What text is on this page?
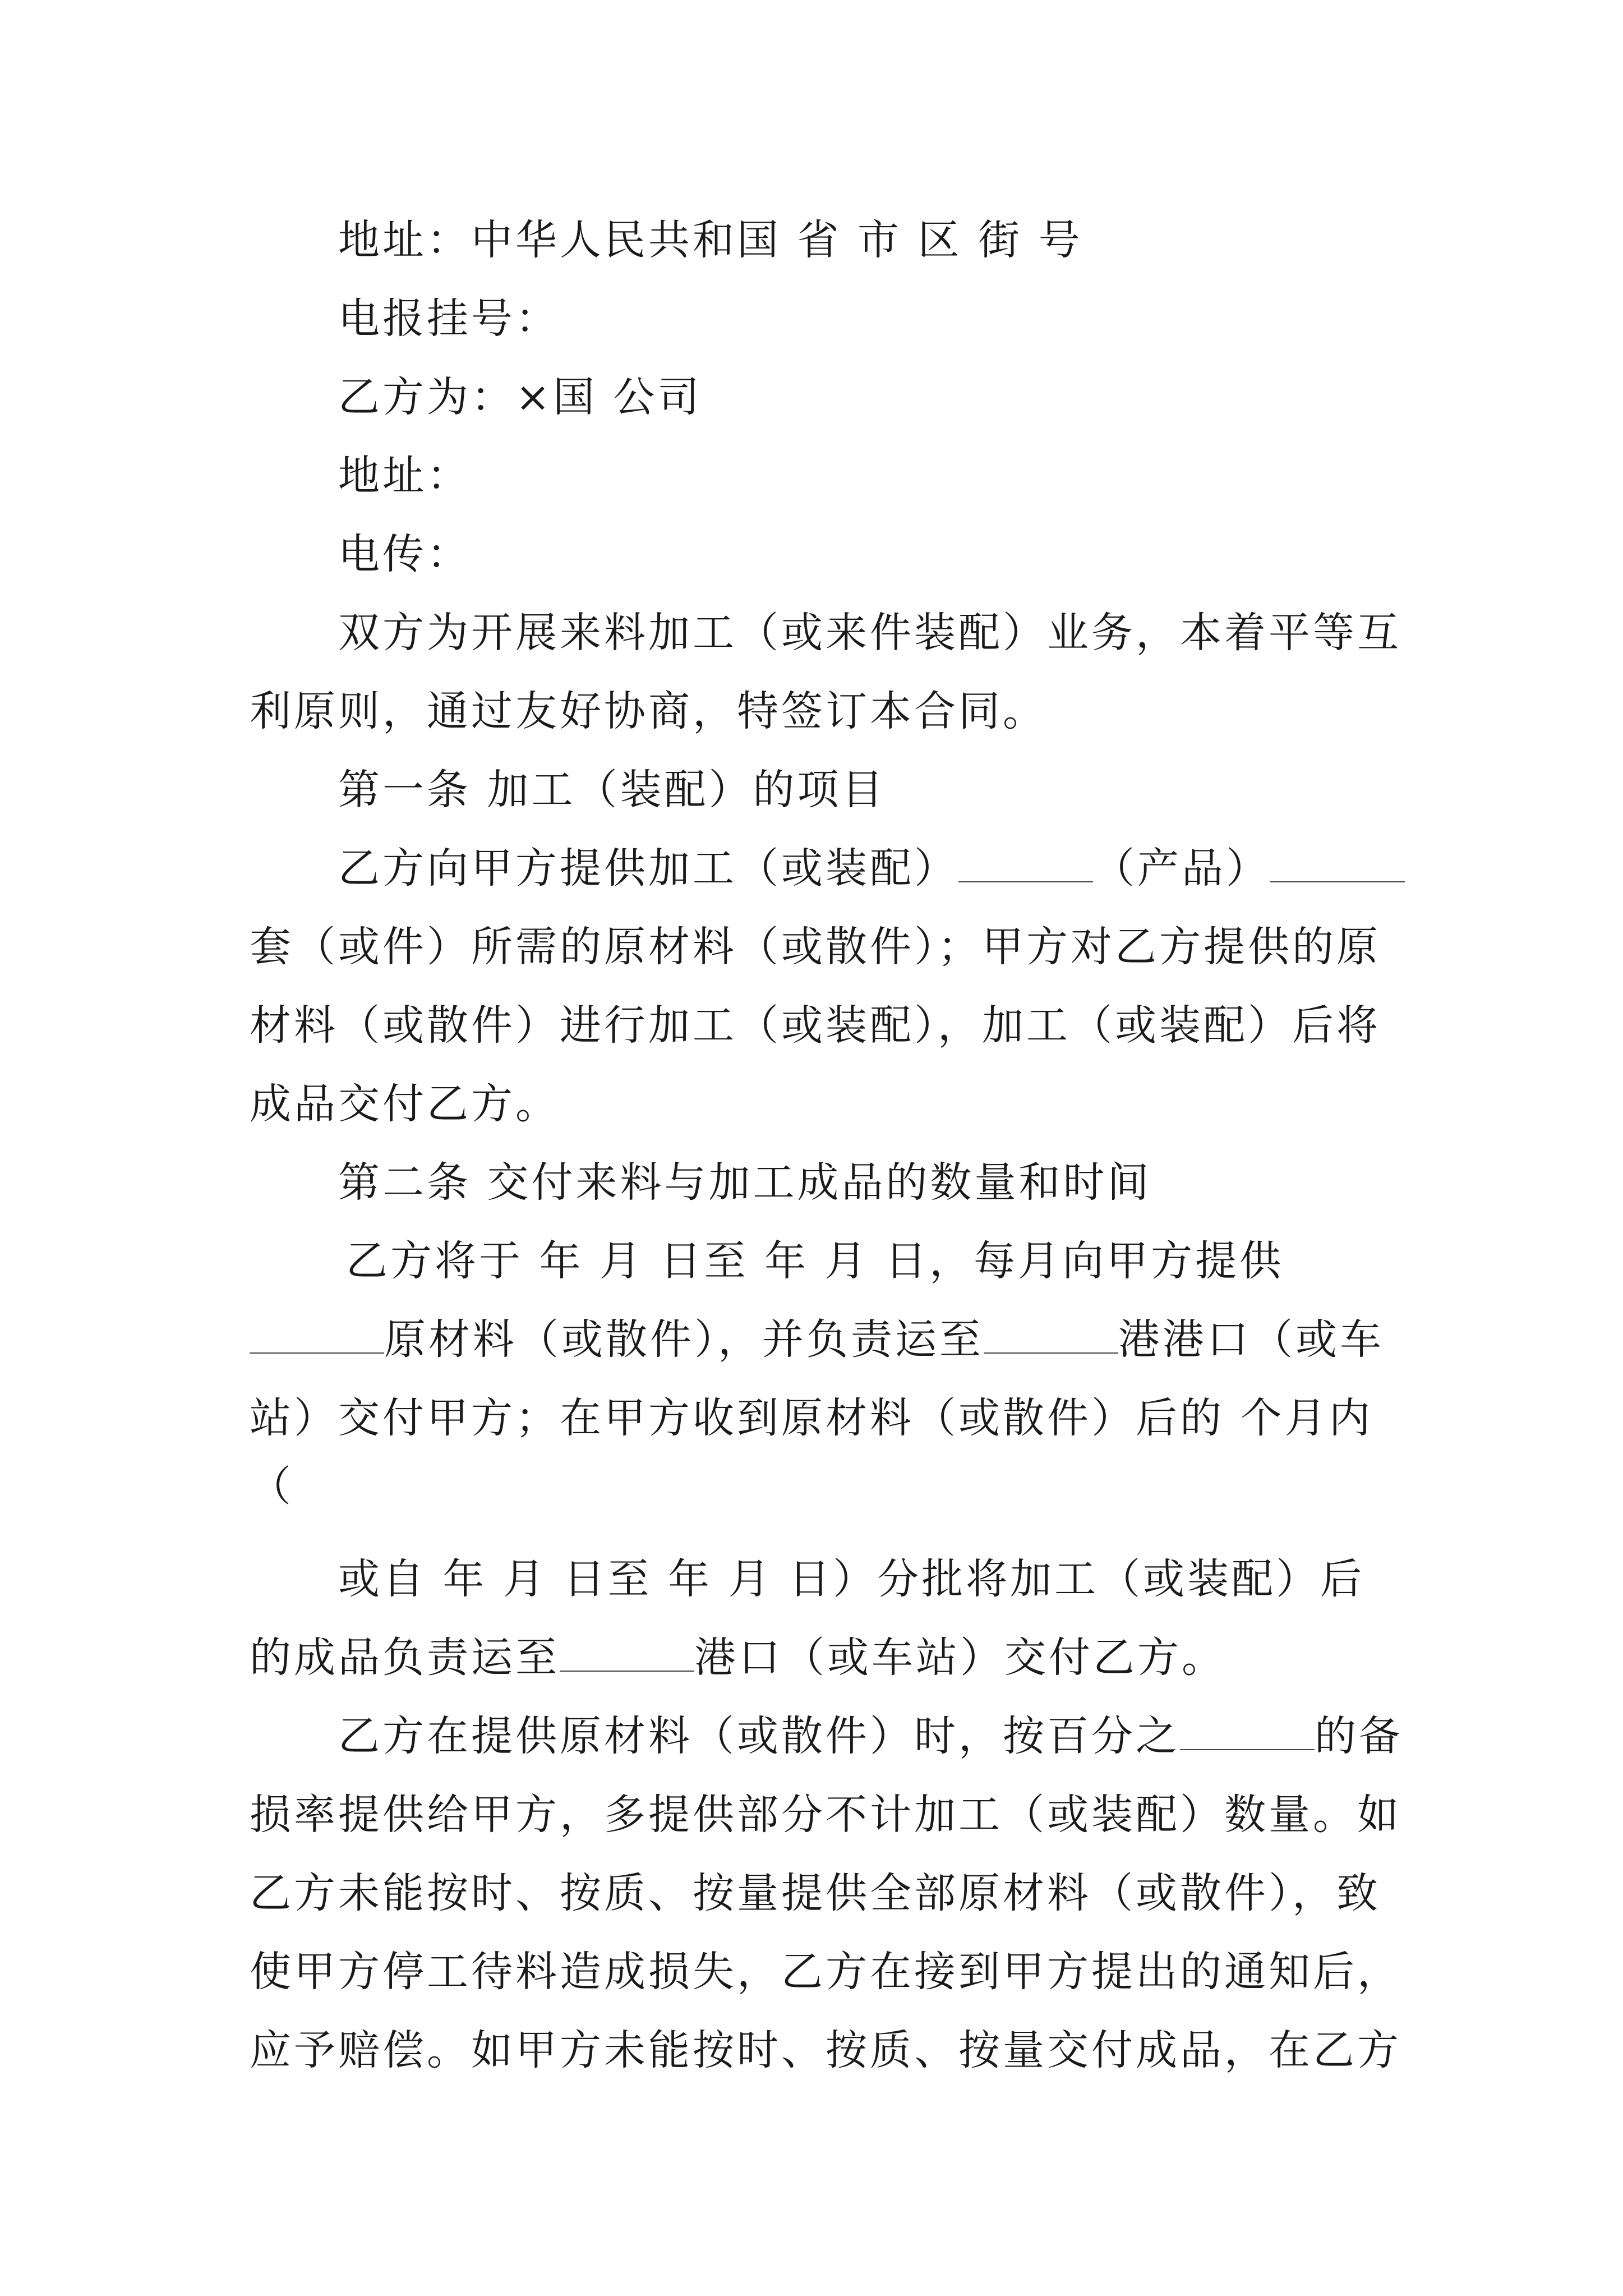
地址：中华人民共和国 省 市 区 街 号
电报挂号：
乙方为：×国 公司
地址：
电传：
双方为开展来料加工（或来件装配）业务，本着平等互
利原则，通过友好协商，特签订本合同。
第一条 加工（装配）的项目
乙方向甲方提供加工（或装配）	（产品）
套（或件）所需的原材料（或散件）；甲方对乙方提供的原
材料（或散件）进行加工（或装配），加工（或装配）后将
成品交付乙方。
第二条 交付来料与加工成品的数量和时间
乙方将于 年 月 日至 年 月 日，每月向甲方提供
原材料（或散件），并负责运至	港港口（或车
站）交付甲方；在甲方收到原材料（或散件）后的 个月内
（
或自 年 月 日至 年 月 日）分批将加工（或装配）后
的成品负责运至	港口（或车站）交付乙方。
乙方在提供原材料（或散件）时，按百分之	的备
损率提供给甲方，多提供部分不计加工（或装配）数量。如
乙方未能按时、按质、按量提供全部原材料（或散件），致
使甲方停工待料造成损失，乙方在接到甲方提出的通知后，
应予赔偿。如甲方未能按时、按质、按量交付成品，在乙方
